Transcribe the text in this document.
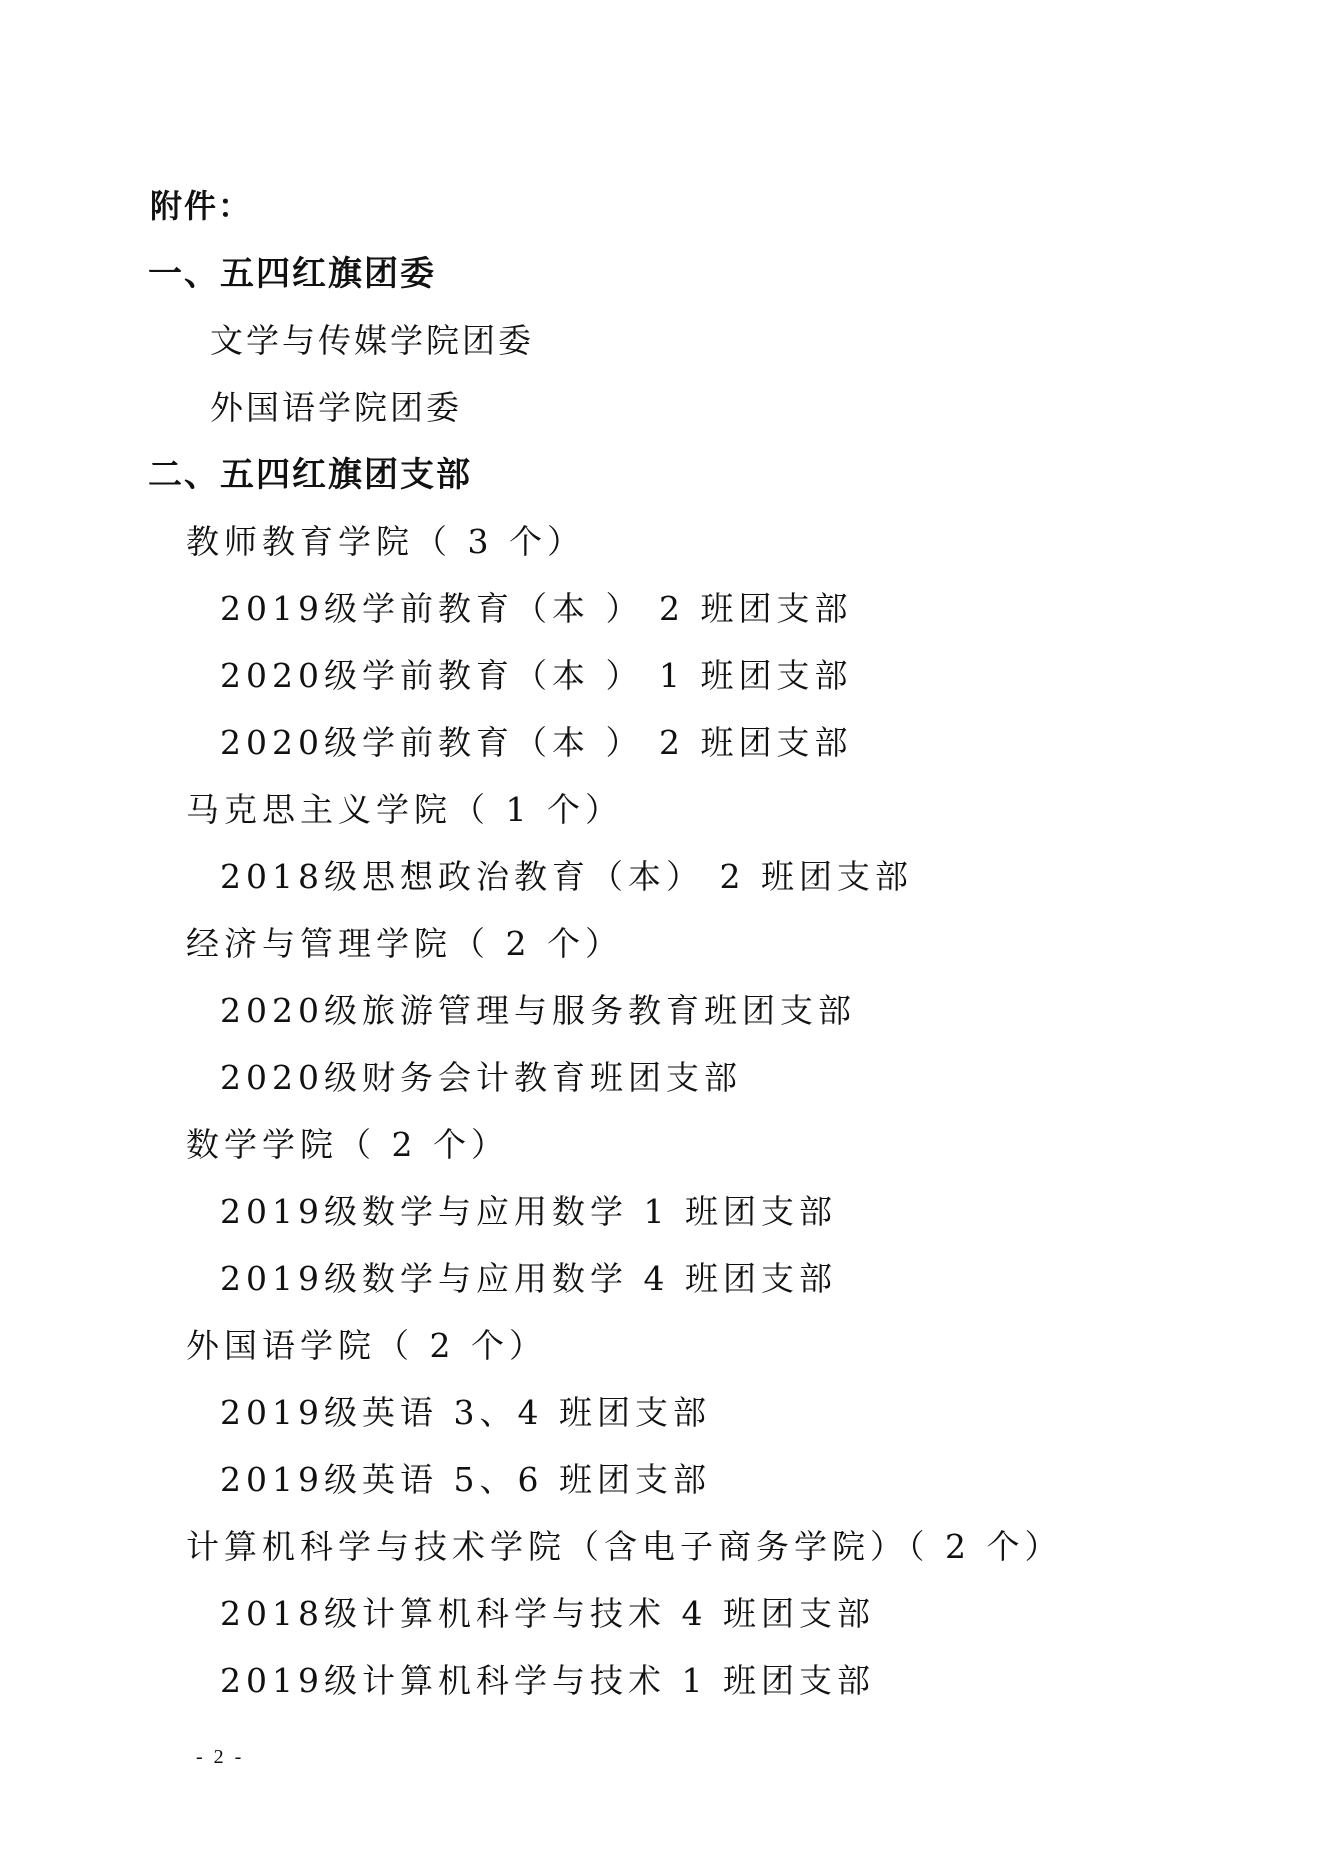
附件：
一、五四红旗团委
文学与传媒学院团委
外国语学院团委
二、五四红旗团支部
教师教育学院（ 3 个）
2019级学前教育（本 ） 2 班团支部
2020级学前教育（本 ） 1 班团支部
2020级学前教育（本 ） 2 班团支部
马克思主义学院（ 1 个）
2018级思想政治教育（本） 2 班团支部
经济与管理学院（ 2 个）
2020级旅游管理与服务教育班团支部
2020级财务会计教育班团支部
数学学院（ 2 个）
2019级数学与应用数学 1 班团支部
2019级数学与应用数学 4 班团支部
外国语学院（ 2 个）
2019级英语 3、4 班团支部
2019级英语 5、6 班团支部
计算机科学与技术学院（含电子商务学院）（ 2 个）
2018级计算机科学与技术 4 班团支部
2019级计算机科学与技术 1 班团支部
- 2 -
